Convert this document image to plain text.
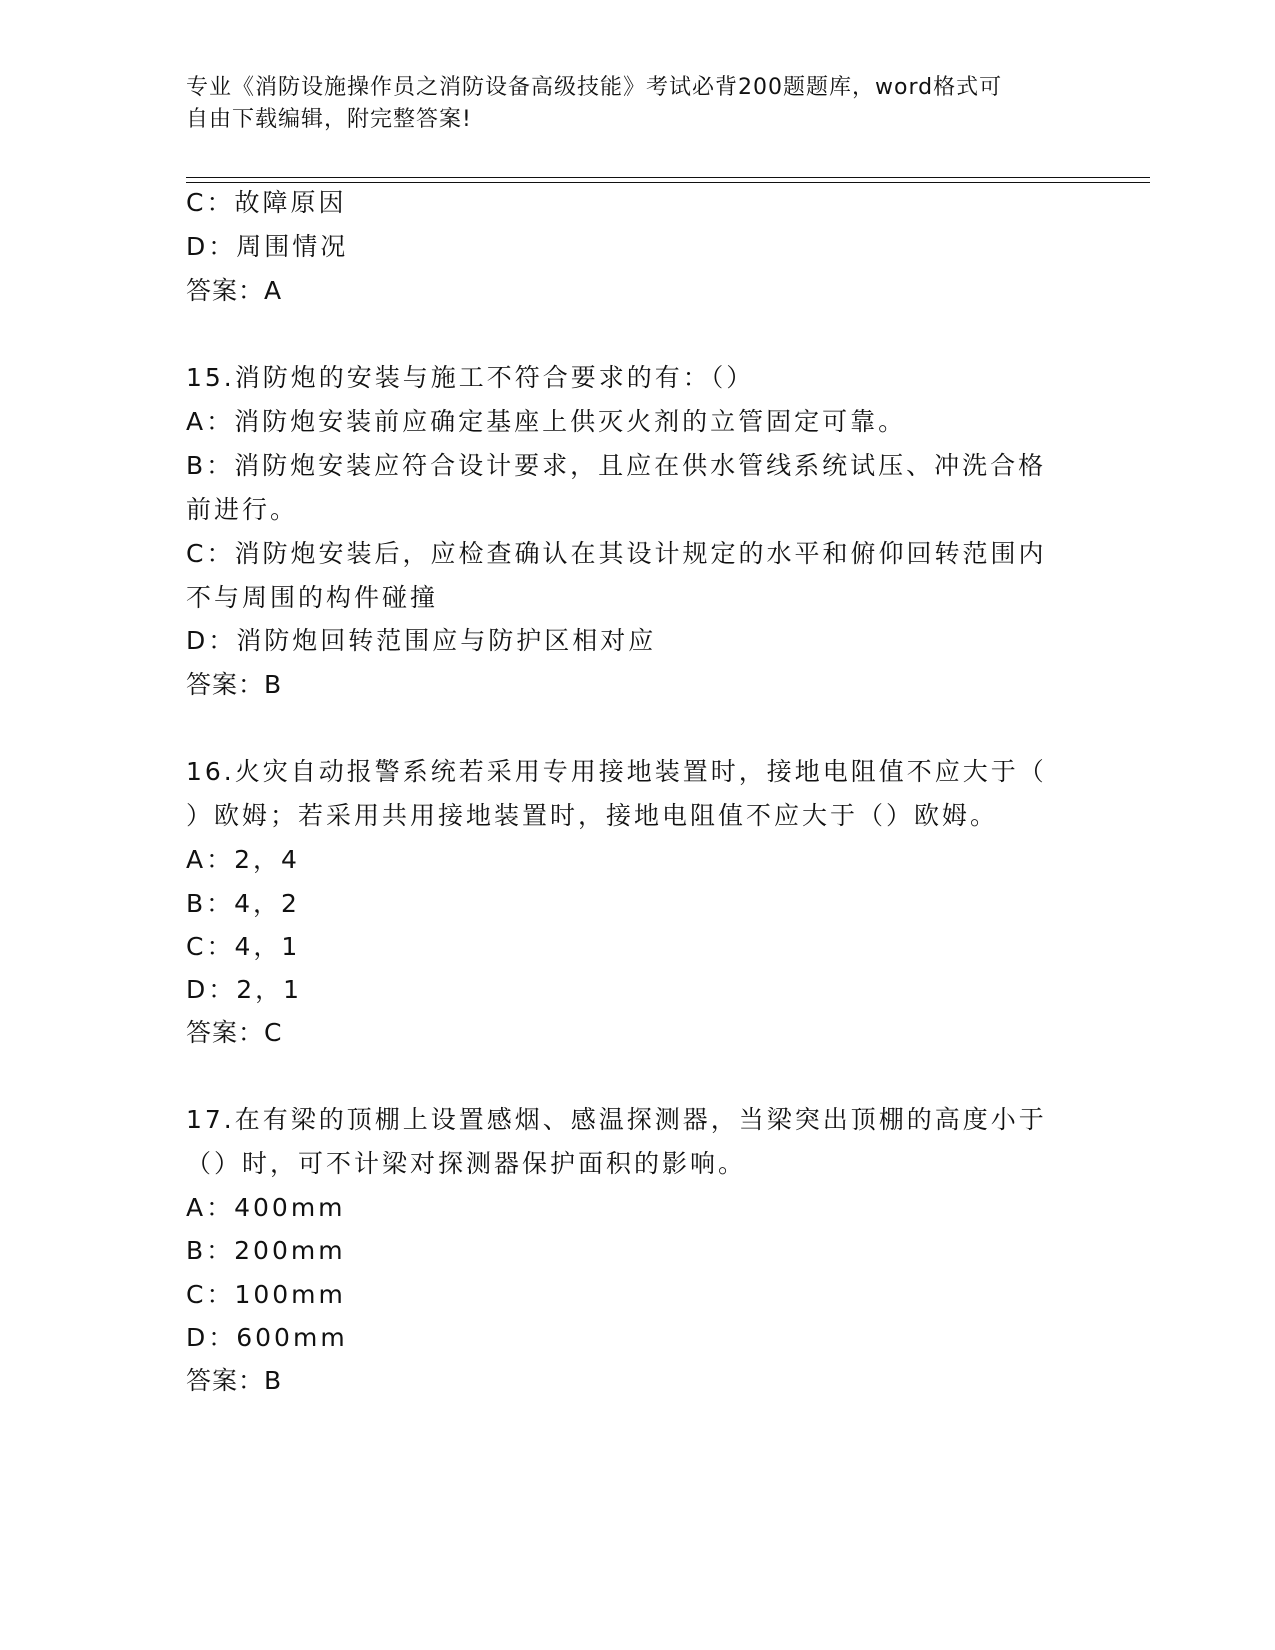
专业《消防设施操作员之消防设备高级技能》考试必背200题题库，word格式可
自由下载编辑，附完整答案!
C：故障原因
D：周围情况
答案：A
15.消防炮的安装与施工不符合要求的有：（）
A：消防炮安装前应确定基座上供灭火剂的立管固定可靠。
B：消防炮安装应符合设计要求，且应在供水管线系统试压、冲洗合格
前进行。
C：消防炮安装后，应检查确认在其设计规定的水平和俯仰回转范围内
不与周围的构件碰撞
D：消防炮回转范围应与防护区相对应
答案：B
16.火灾自动报警系统若采用专用接地装置时，接地电阻值不应大于（
）欧姆；若采用共用接地装置时，接地电阻值不应大于（）欧姆。
A：2，4
B：4，2
C：4，1
D：2，1
答案：C
17.在有梁的顶棚上设置感烟、感温探测器，当梁突出顶棚的高度小于
（）时，可不计梁对探测器保护面积的影响。
A：400mm
B：200mm
C：100mm
D：600mm
答案：B
